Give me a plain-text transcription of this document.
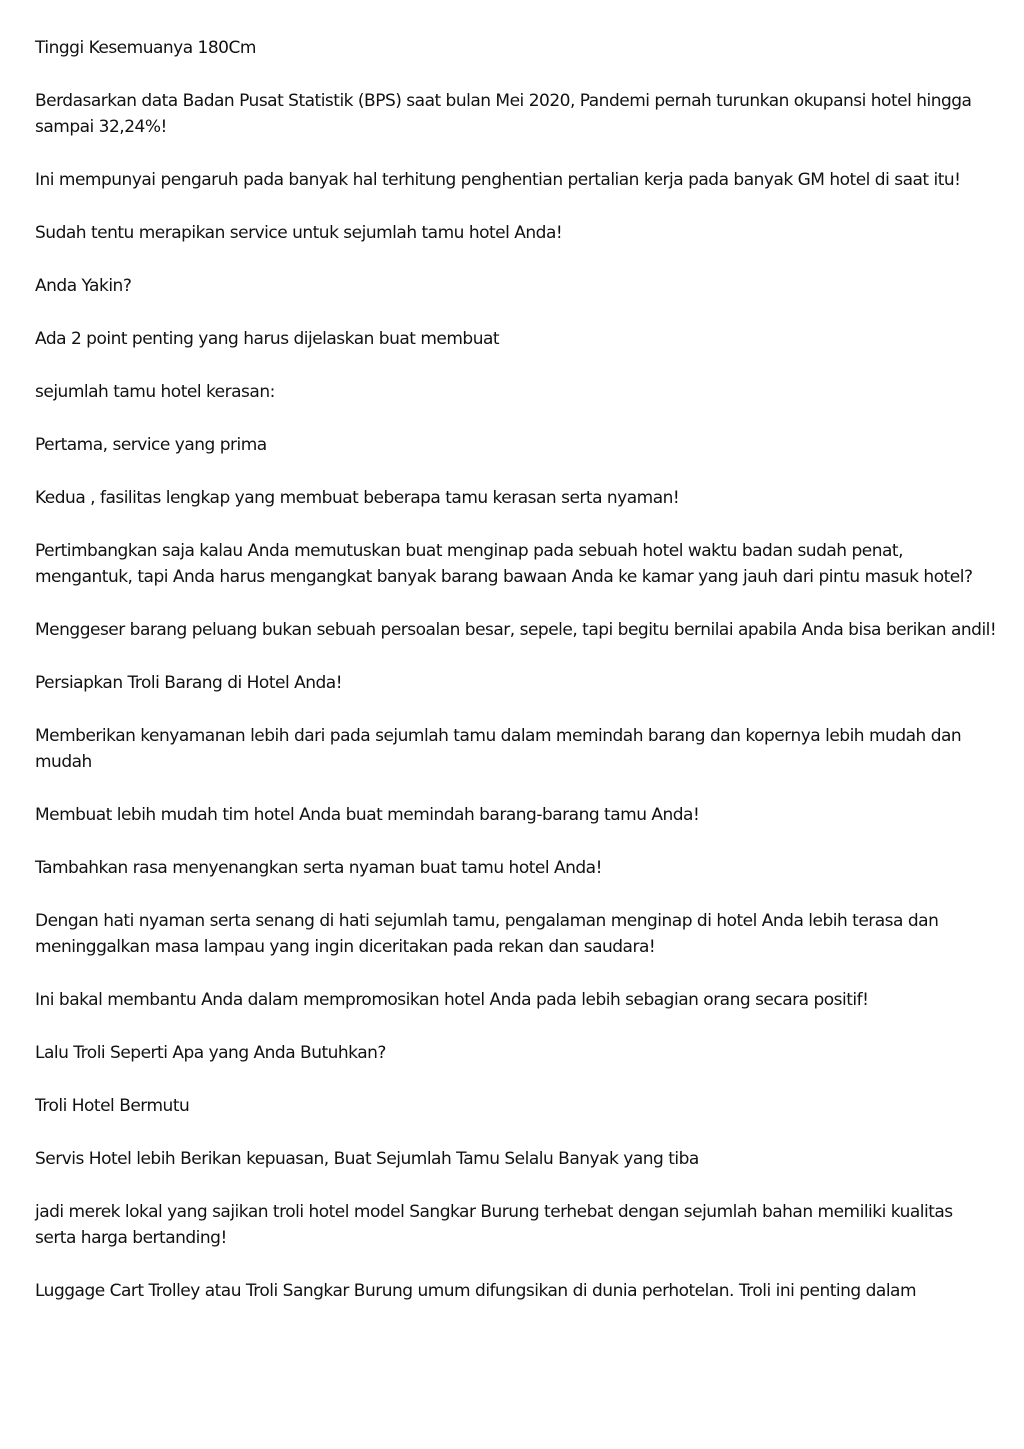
Tinggi Kesemuanya 180Cm

Berdasarkan data Badan Pusat Statistik (BPS) saat bulan Mei 2020, Pandemi pernah turunkan okupansi hotel hingga sampai 32,24%!

Ini mempunyai pengaruh pada banyak hal terhitung penghentian pertalian kerja pada banyak GM hotel di saat itu!

Sudah tentu merapikan service untuk sejumlah tamu hotel Anda!

Anda Yakin?

Ada 2 point penting yang harus dijelaskan buat membuat

sejumlah tamu hotel kerasan:

Pertama, service yang prima

Kedua , fasilitas lengkap yang membuat beberapa tamu kerasan serta nyaman!

Pertimbangkan saja kalau Anda memutuskan buat menginap pada sebuah hotel waktu badan sudah penat, mengantuk, tapi Anda harus mengangkat banyak barang bawaan Anda ke kamar yang jauh dari pintu masuk hotel?

Menggeser barang peluang bukan sebuah persoalan besar, sepele, tapi begitu bernilai apabila Anda bisa berikan andil!

Persiapkan Troli Barang di Hotel Anda!

Memberikan kenyamanan lebih dari pada sejumlah tamu dalam memindah barang dan kopernya lebih mudah dan mudah

Membuat lebih mudah tim hotel Anda buat memindah barang-barang tamu Anda!

Tambahkan rasa menyenangkan serta nyaman buat tamu hotel Anda!

Dengan hati nyaman serta senang di hati sejumlah tamu, pengalaman menginap di hotel Anda lebih terasa dan meninggalkan masa lampau yang ingin diceritakan pada rekan dan saudara!

Ini bakal membantu Anda dalam mempromosikan hotel Anda pada lebih sebagian orang secara positif!

Lalu Troli Seperti Apa yang Anda Butuhkan?

Troli Hotel Bermutu

Servis Hotel lebih Berikan kepuasan, Buat Sejumlah Tamu Selalu Banyak yang tiba

jadi merek lokal yang sajikan troli hotel model Sangkar Burung terhebat dengan sejumlah bahan memiliki kualitas serta harga bertanding!

Luggage Cart Trolley atau Troli Sangkar Burung umum difungsikan di dunia perhotelan. Troli ini penting dalam
